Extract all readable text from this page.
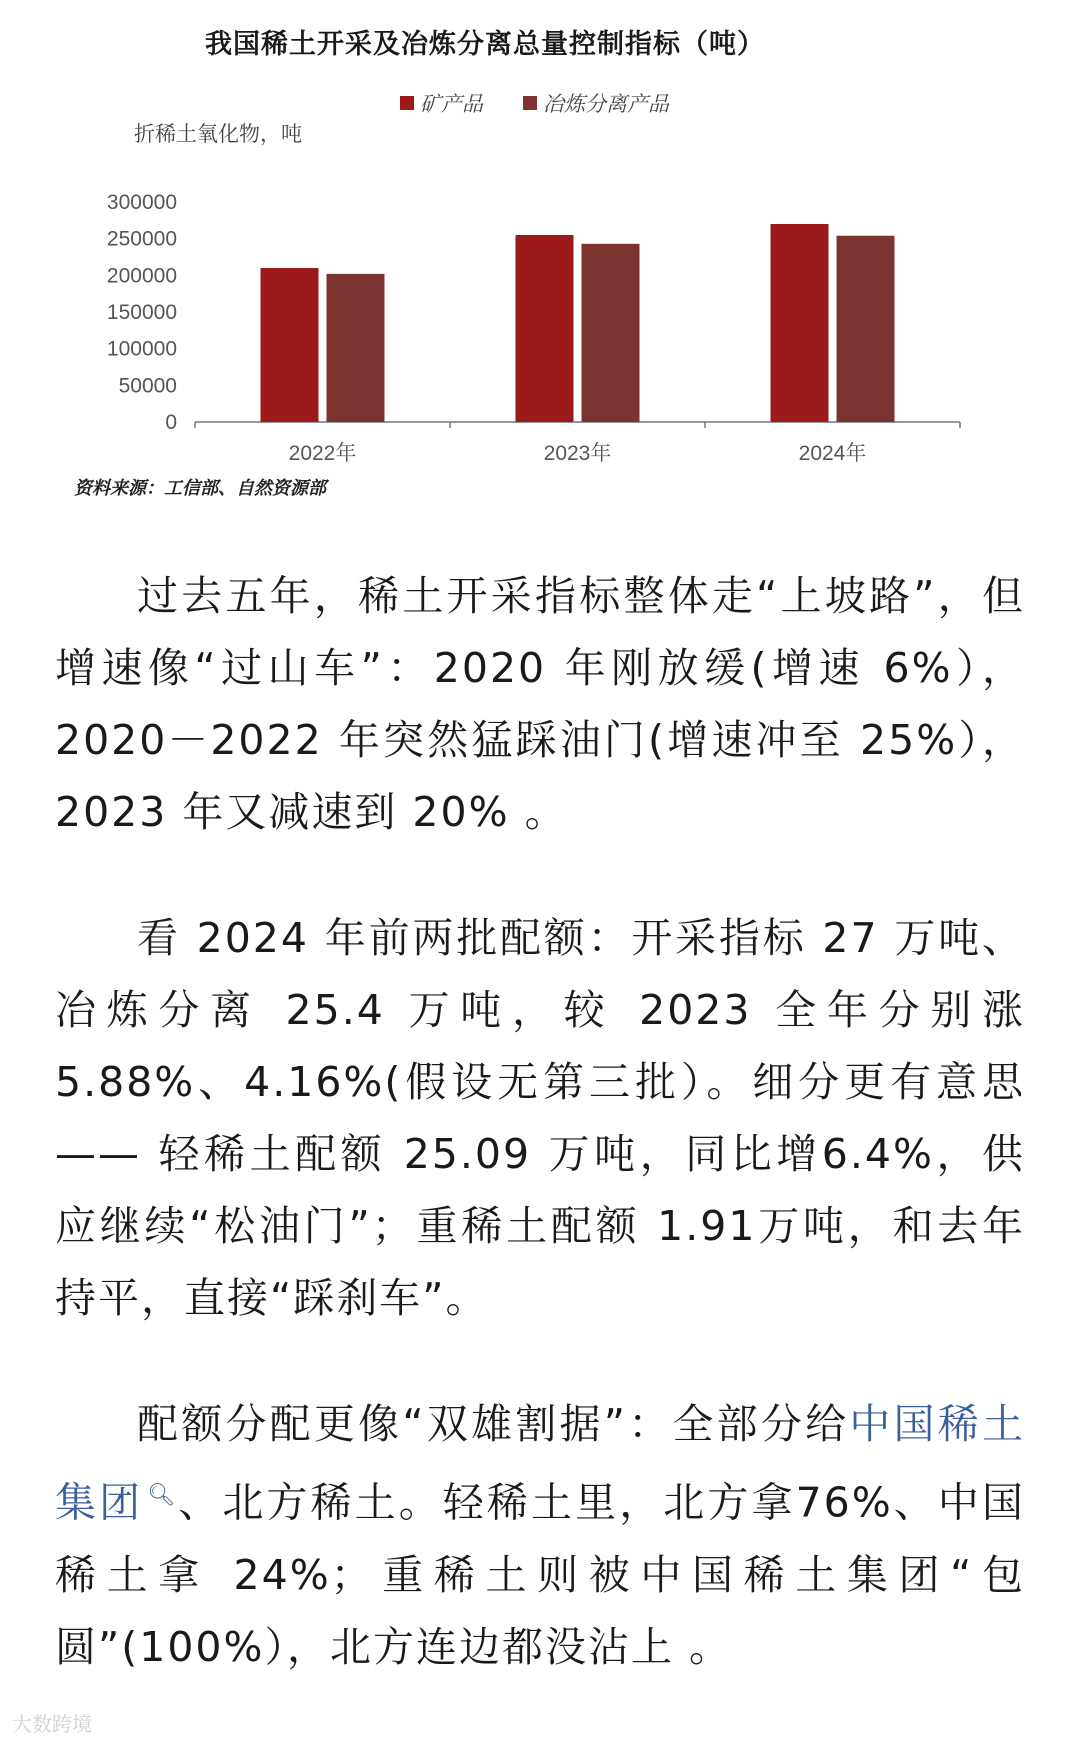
我国稀土开采及冶炼分离总量控制指标（吨）
矿产品	冶炼分离产品
折稀土氧化物，吨
300000
250000
200000
150000
100000
50000
0
2022年	2023年	2024年
资料来源：工信部、自然资源部

过去五年，稀土开采指标整体走“上坡路”，但增速像“过山车”：2020 年刚放缓(增速 6%），2020－2022 年突然猛踩油门(增速冲至 25%），2023 年又减速到 20% 。

看 2024 年前两批配额：开采指标 27 万吨、冶炼分离 25.4 万吨，较 2023 全年分别涨5.88%、4.16%(假设无第三批）。细分更有意思 —— 轻稀土配额 25.09 万吨，同比增6.4%，供应继续“松油门”；重稀土配额 1.91万吨，和去年持平，直接“踩刹车”。

配额分配更像“双雄割据”：全部分给中国稀土集团 🔍︎、北方稀土。轻稀土里，北方拿76%、中国稀土拿 24%；重稀土则被中国稀土集团“包圆”(100%），北方连边都没沾上 。

大数跨境
